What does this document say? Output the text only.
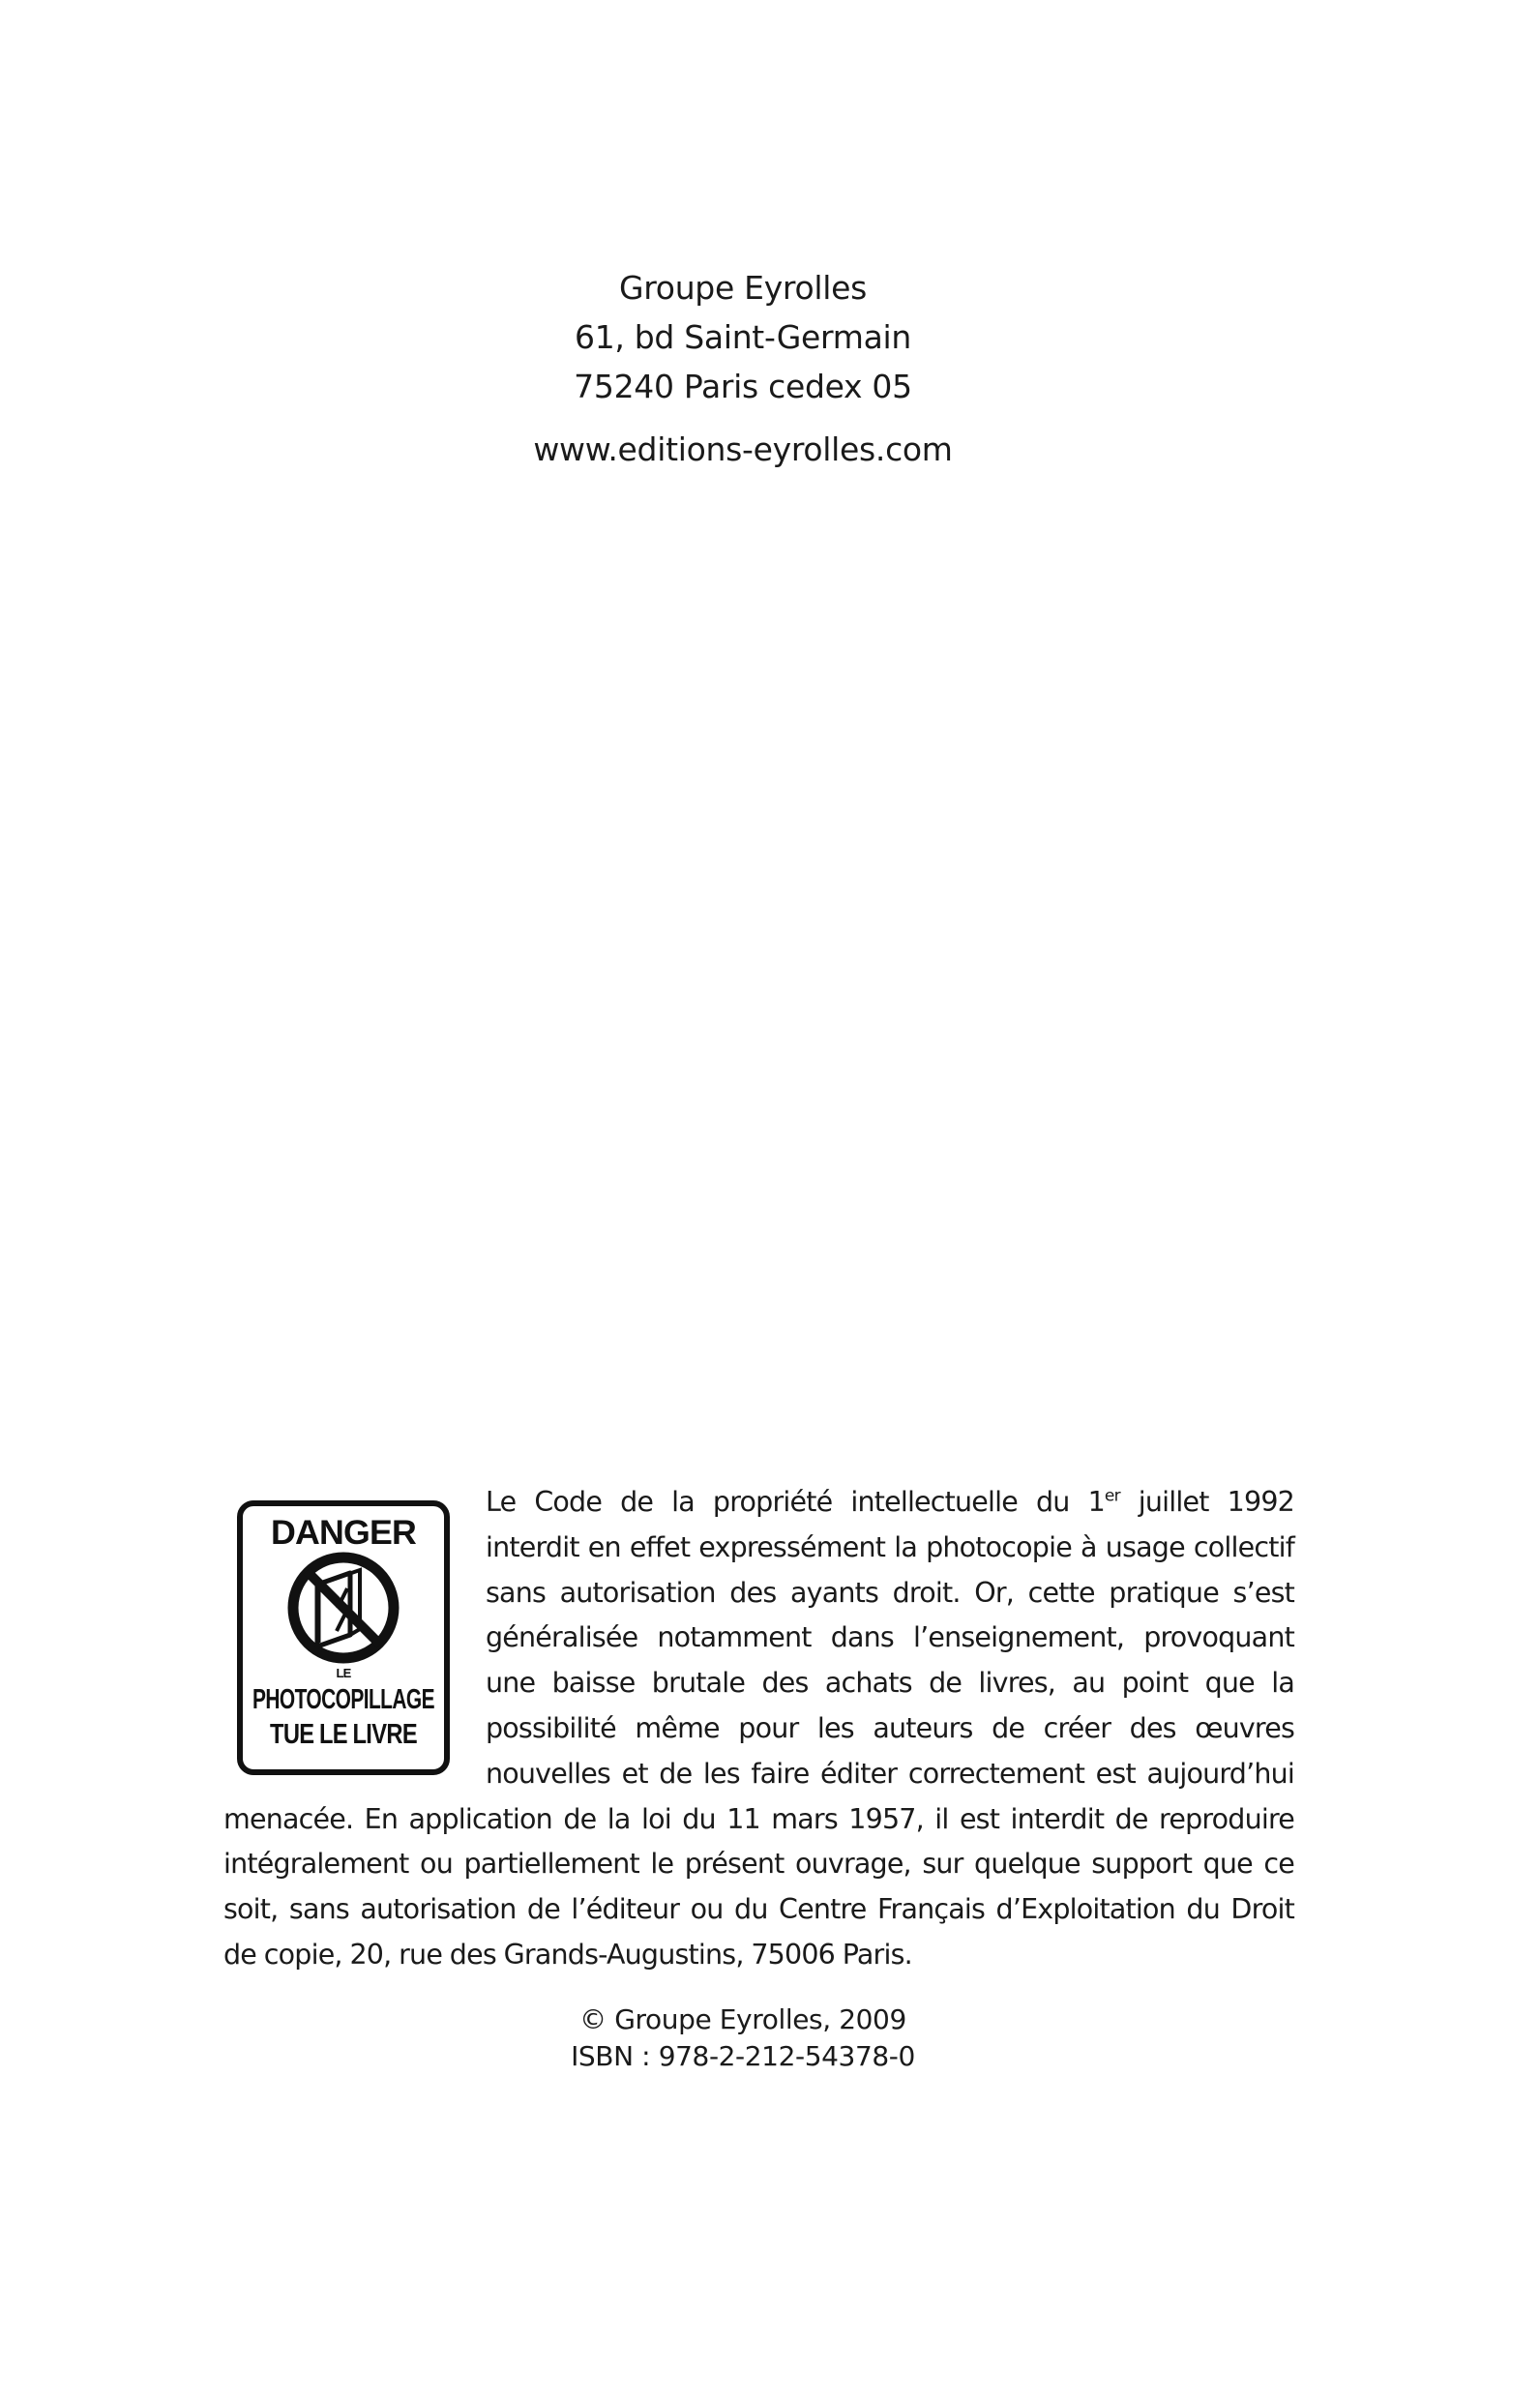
Groupe Eyrolles
61, bd Saint-Germain
75240 Paris cedex 05
www.editions-eyrolles.com
DANGER
LE
PHOTOCOPILLAGE
TUE LE LIVRE
Le Code de la propriété intellectuelle du 1er juillet 1992 interdit en effet expressément la photocopie à usage collectif sans autorisation des ayants droit. Or, cette pratique s’est généralisée notamment dans l’enseignement, provoquant une baisse brutale des achats de livres, au point que la possibilité même pour les auteurs de créer des œuvres nouvelles et de les faire éditer correctement est aujourd’hui menacée. En application de la loi du 11 mars 1957, il est interdit de reproduire intégralement ou partiellement le présent ouvrage, sur quelque support que ce soit, sans autorisation de l’éditeur ou du Centre Français d’Exploitation du Droit de copie, 20, rue des Grands-Augustins, 75006 Paris.
© Groupe Eyrolles, 2009
ISBN : 978-2-212-54378-0
